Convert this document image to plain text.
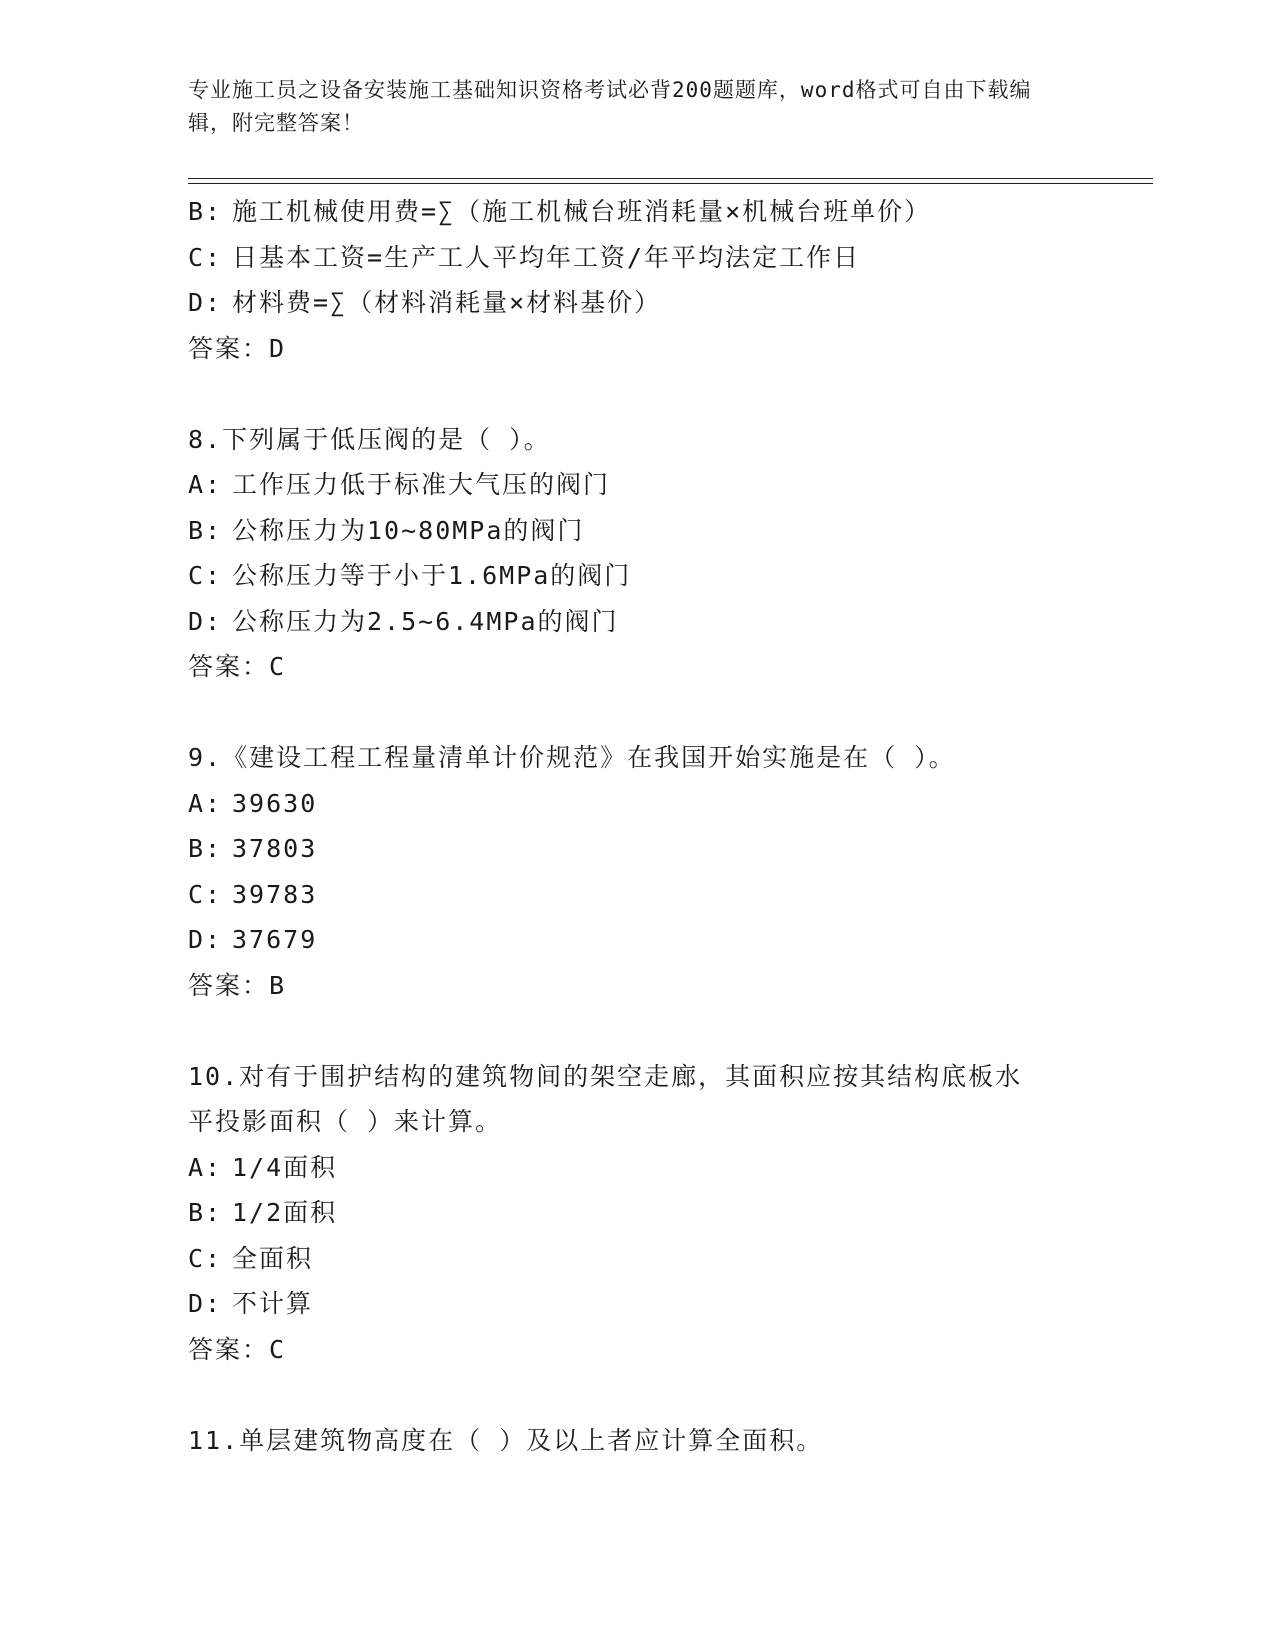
专业施工员之设备安装施工基础知识资格考试必背200题题库，word格式可自由下载编辑，附完整答案！
B: 施工机械使用费=∑（施工机械台班消耗量×机械台班单价）
C: 日基本工资=生产工人平均年工资/年平均法定工作日
D: 材料费=∑（材料消耗量×材料基价）
答案：D
8.下列属于低压阀的是（ ）。
A: 工作压力低于标准大气压的阀门
B: 公称压力为10~80MPa的阀门
C: 公称压力等于小于1.6MPa的阀门
D: 公称压力为2.5~6.4MPa的阀门
答案：C
9.《建设工程工程量清单计价规范》在我国开始实施是在（ ）。
A: 39630
B: 37803
C: 39783
D: 37679
答案：B
10.对有于围护结构的建筑物间的架空走廊，其面积应按其结构底板水
平投影面积（ ）来计算。
A: 1/4面积
B: 1/2面积
C: 全面积
D: 不计算
答案：C
11.单层建筑物高度在（ ）及以上者应计算全面积。
